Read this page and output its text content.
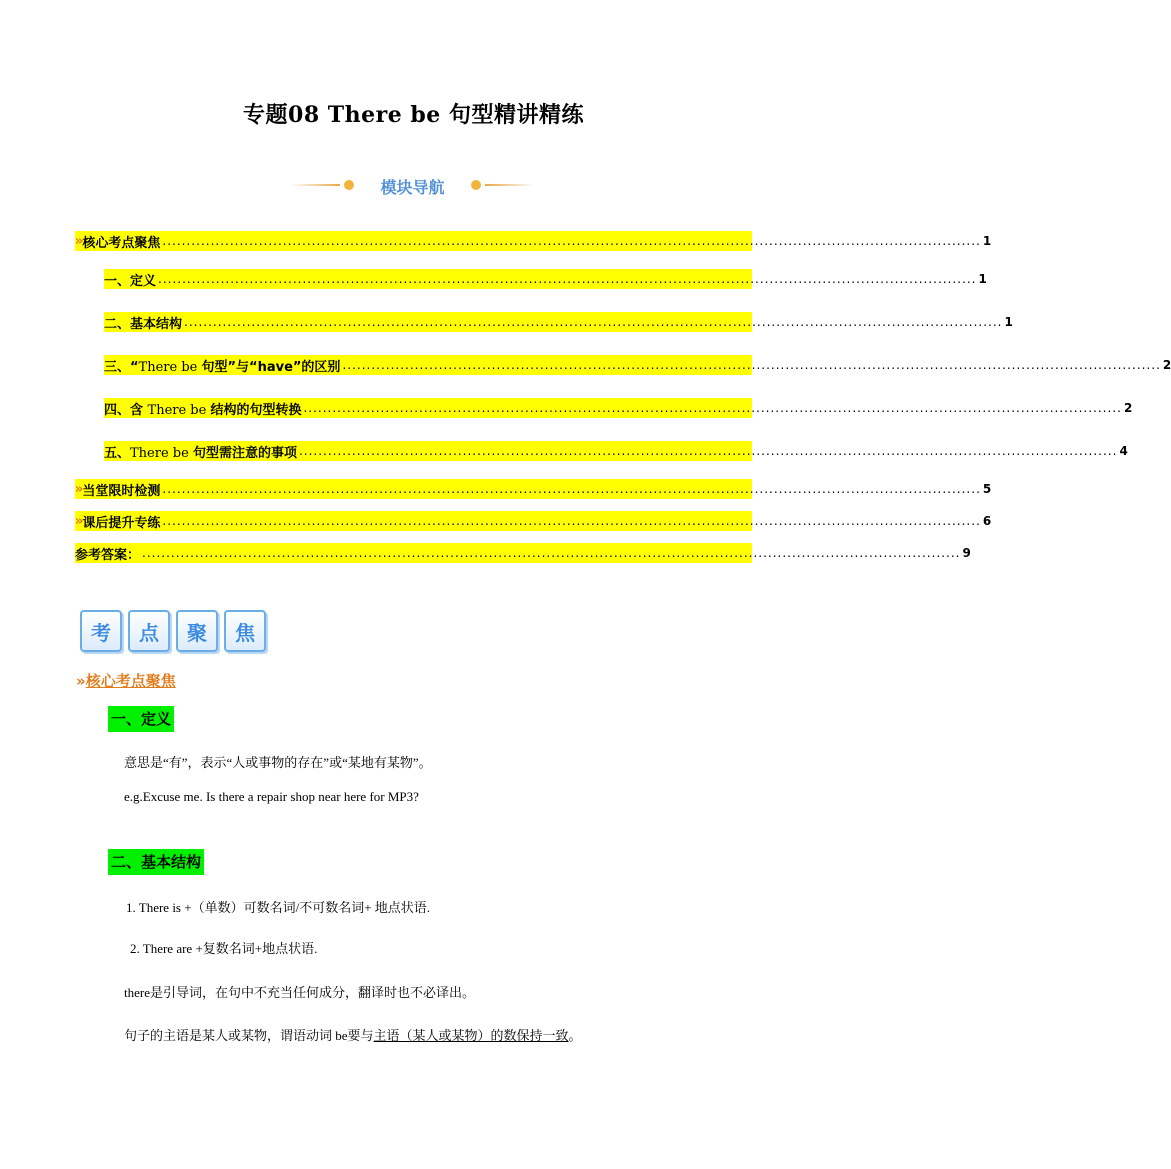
专题08 There be 句型精讲精练
模块导航
» 核心考点聚焦 .......................................................................................................................................................................... 1
一、定义 .......................................................................................................................................................................... 1
二、基本结构 .......................................................................................................................................................................... 1
三、“There be 句型”与“have”的区别 .......................................................................................................................................................................... 2
四、含 There be 结构的句型转换 .......................................................................................................................................................................... 2
五、There be 句型需注意的事项 .......................................................................................................................................................................... 4
» 当堂限时检测 .......................................................................................................................................................................... 5
» 课后提升专练 .......................................................................................................................................................................... 6
参考答案： .......................................................................................................................................................................... 9
考	点	聚	焦
» 核心考点聚焦
一、定义
意思是“有”，表示“人或事物的存在”或“某地有某物”。
e.g.Excuse me. Is there a repair shop near here for MP3?
二、基本结构
1. There is +（单数）可数名词/不可数名词+ 地点状语.
2. There are +复数名词+地点状语.
there是引导词，在句中不充当任何成分，翻译时也不必译出。
句子的主语是某人或某物，谓语动词 be要与主语（某人或某物）的数保持一致。
